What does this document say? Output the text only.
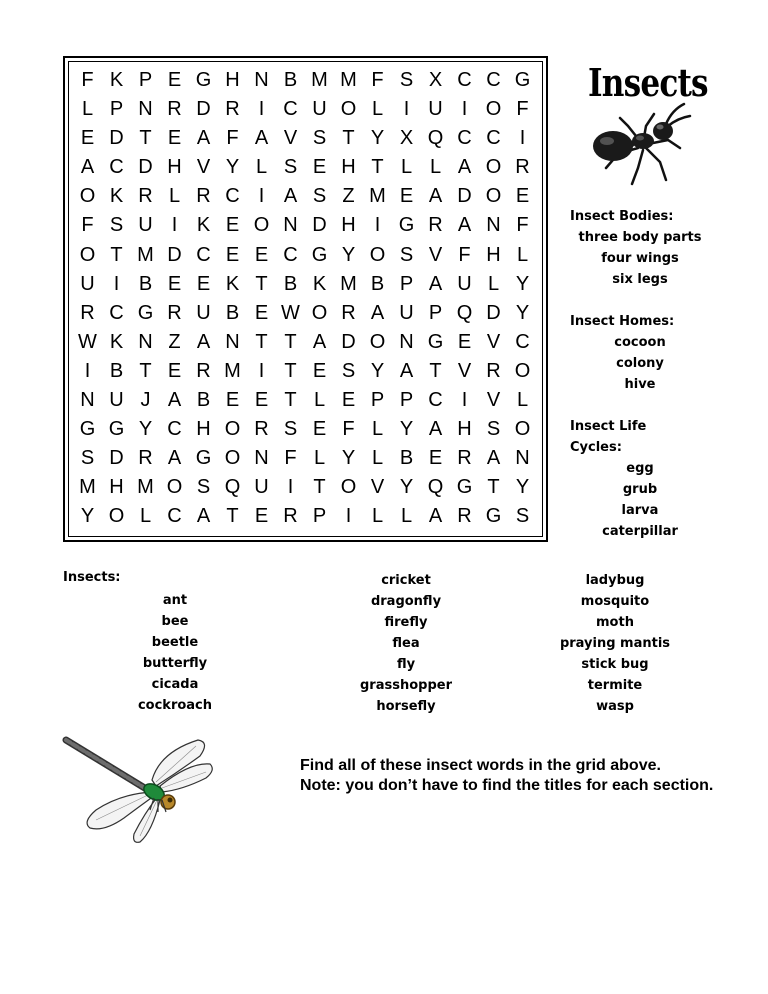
F K P E G H N B M M F S X C C G
L P N R D R I C U O L	I U I O F
E D T E A F A V S T Y X Q C C I
A C D H V Y L S E H T L L A O R
O K R L R C I A S Z M E A D O E
F S U I K E O N D H I G R A N F
O T M D C E E C G Y O S V F H L
U I B E E K T B K M B P A U L Y
R C G R U B E W O R A U P Q D Y
W K N Z A N T T A D O N G E V C
I B T E R M I	T E S Y A T V R O
N U J A B E E T L E P P C I V L
G G Y C H O R S E F L Y A H S O
S D R A G O N F L Y L B E R A N
M H M O S Q U I	T O V Y Q G T Y
Y O L C A T E R P I	L L A R G S
Insects
Insect Bodies:
three body parts
four wings
six legs
Insect Homes:
cocoon
colony
hive
Insect Life
Cycles:
egg
grub
larva
caterpillar
Insects:
ant
bee
beetle
butterfly
cicada
cockroach
cricket
dragonfly
firefly
flea
fly
grasshopper
horsefly
ladybug
mosquito
moth
praying mantis
stick bug
termite
wasp
Find all of these insect words in the grid above.
Note: you don’t have to find the titles for each section.
